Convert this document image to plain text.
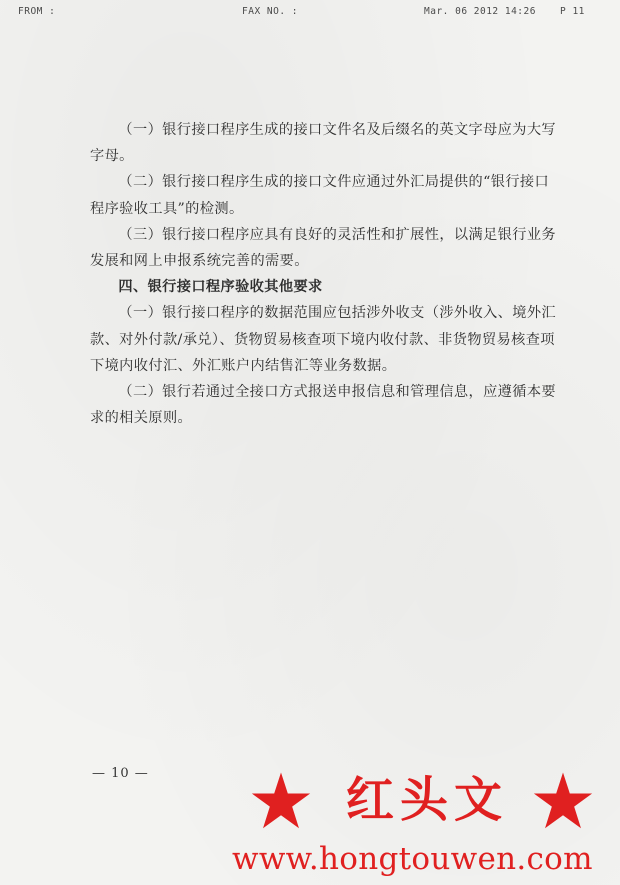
FROM :	FAX NO. :	Mar. 06 2012 14:26	P 11

（一）银行接口程序生成的接口文件名及后缀名的英文字母应为大写字母。

（二）银行接口程序生成的接口文件应通过外汇局提供的“银行接口程序验收工具”的检测。

（三）银行接口程序应具有良好的灵活性和扩展性，以满足银行业务发展和网上申报系统完善的需要。

四、银行接口程序验收其他要求

（一）银行接口程序的数据范围应包括涉外收支（涉外收入、境外汇款、对外付款/承兑）、货物贸易核查项下境内收付款、非货物贸易核查项下境内收付汇、外汇账户内结售汇等业务数据。

（二）银行若通过全接口方式报送申报信息和管理信息，应遵循本要求的相关原则。

— 10 —	红头文
www.hongtouwen.com
